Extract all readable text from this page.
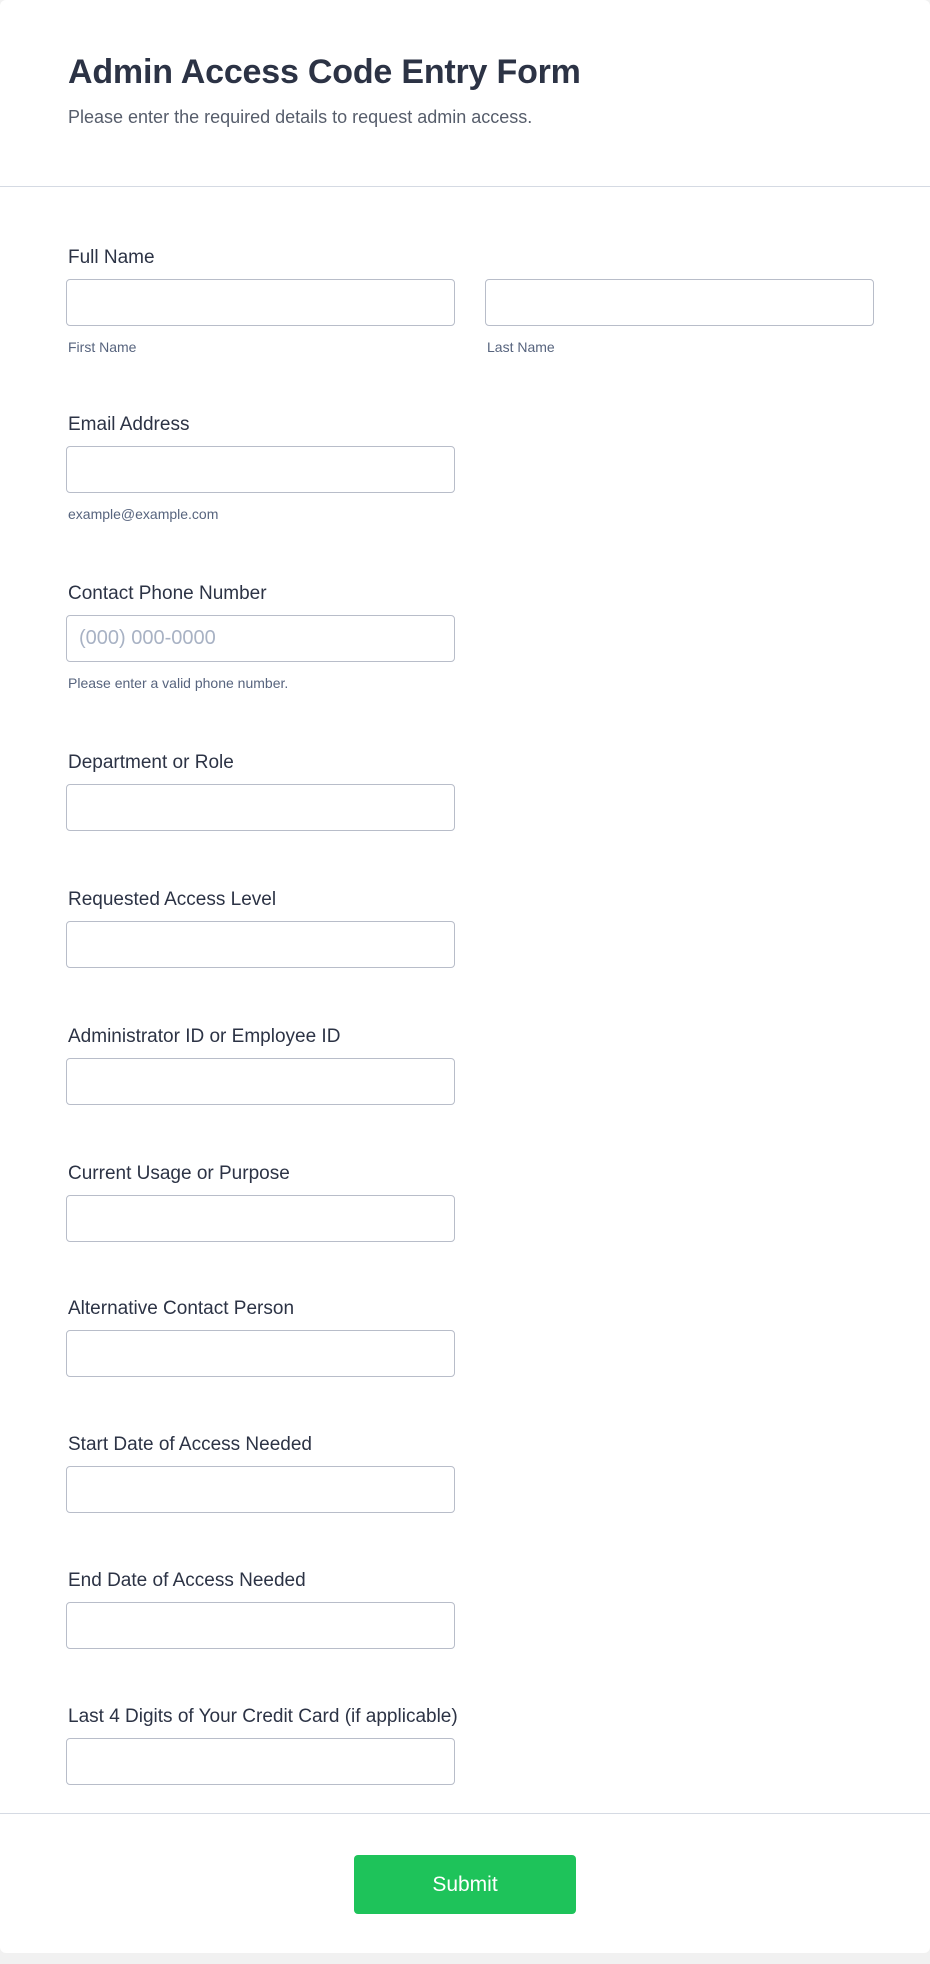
Admin Access Code Entry Form
Please enter the required details to request admin access.
Full Name
First Name	Last Name
Email Address
example@example.com
Contact Phone Number
(000) 000-0000
Please enter a valid phone number.
Department or Role
Requested Access Level
Administrator ID or Employee ID
Current Usage or Purpose
Alternative Contact Person
Start Date of Access Needed
End Date of Access Needed
Last 4 Digits of Your Credit Card (if applicable)
Submit
